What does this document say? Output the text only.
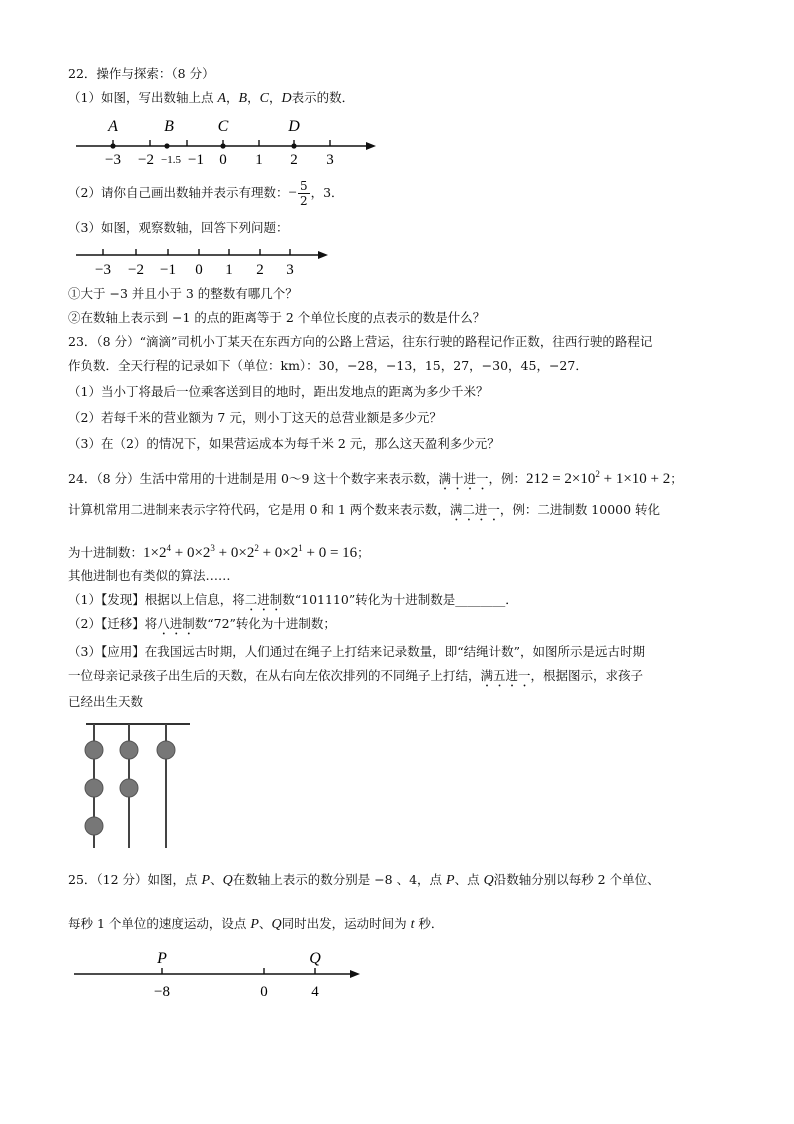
22．操作与探索：（8 分）
（1）如图，写出数轴上点 A，B，C，D表示的数．
A	B	C	D
−3 −2 −1.5 −1 0 1 2 3
（2）请你自己画出数轴并表示有理数：− $\frac{5}{2}$ ，3．
（3）如图，观察数轴，回答下列问题：
−3 −2 −1 0 1 2 3
①大于 −3 并且小于 3 的整数有哪几个？
②在数轴上表示到 −1 的点的距离等于 2 个单位长度的点表示的数是什么？
23．（8 分）“滴滴”司机小丁某天在东西方向的公路上营运，往东行驶的路程记作正数，往西行驶的路程记
作负数．全天行程的记录如下（单位：km）：30，−28，−13，15，27，−30，45，−27．
（1）当小丁将最后一位乘客送到目的地时，距出发地点的距离为多少千米？
（2）若每千米的营业额为 7 元，则小丁这天的总营业额是多少元？
（3）在（2）的情况下，如果营运成本为每千米 2 元，那么这天盈利多少元？
24．（8 分）生活中常用的十进制是用 0～9 这十个数字来表示数，满十进一，例：$212 = 2\times 10^2 + 1\times 10 + 2$；
计算机常用二进制来表示字符代码，它是用 0 和 1 两个数来表示数，满二进一，例：二进制数 10000 转化
为十进制数：$1\times 2^4 + 0\times 2^3 + 0\times 2^2 + 0\times 2^1 + 0 = 16$；
其他进制也有类似的算法……
（1）【发现】根据以上信息，将二进制数“101110”转化为十进制数是________．
（2）【迁移】将八进制数“72”转化为十进制数；
（3）【应用】在我国远古时期，人们通过在绳子上打结来记录数量，即“结绳计数”，如图所示是远古时期
一位母亲记录孩子出生后的天数，在从右向左依次排列的不同绳子上打结，满五进一，根据图示，求孩子
已经出生天数
25．（12 分）如图，点 P、Q在数轴上表示的数分别是 −8 、4，点 P、点 Q沿数轴分别以每秒 2 个单位、
每秒 1 个单位的速度运动，设点 P、Q同时出发，运动时间为 t 秒．
P	Q
−8	0	4
